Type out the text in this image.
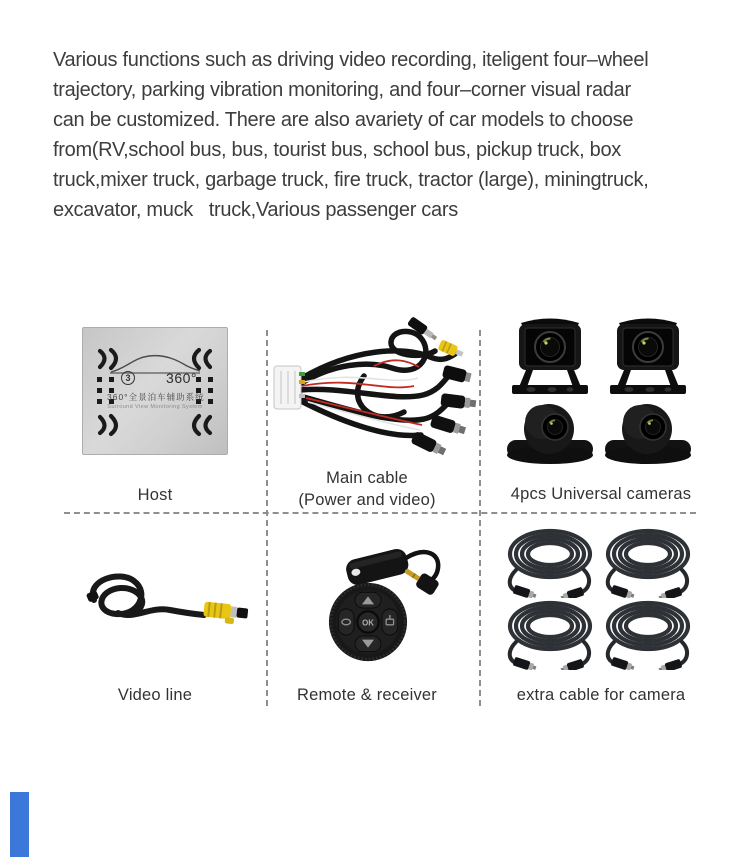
Various functions such as driving video recording, iteligent four–wheel
trajectory, parking vibration monitoring, and four–corner visual radar
can be customized. There are also avariety of car models to choose
from(RV,school bus, bus, tourist bus, school bus, pickup truck, box
truck,mixer truck, garbage truck, fire truck, tractor (large), miningtruck,
excavator, muck   truck,Various passenger cars
3	360°
360°全景泊车辅助系统
Surround View Monitoring System
Host
Main cable
(Power and video)	4pcs Universal cameras
Video line
OK
Remote & receiver	extra cable for camera
